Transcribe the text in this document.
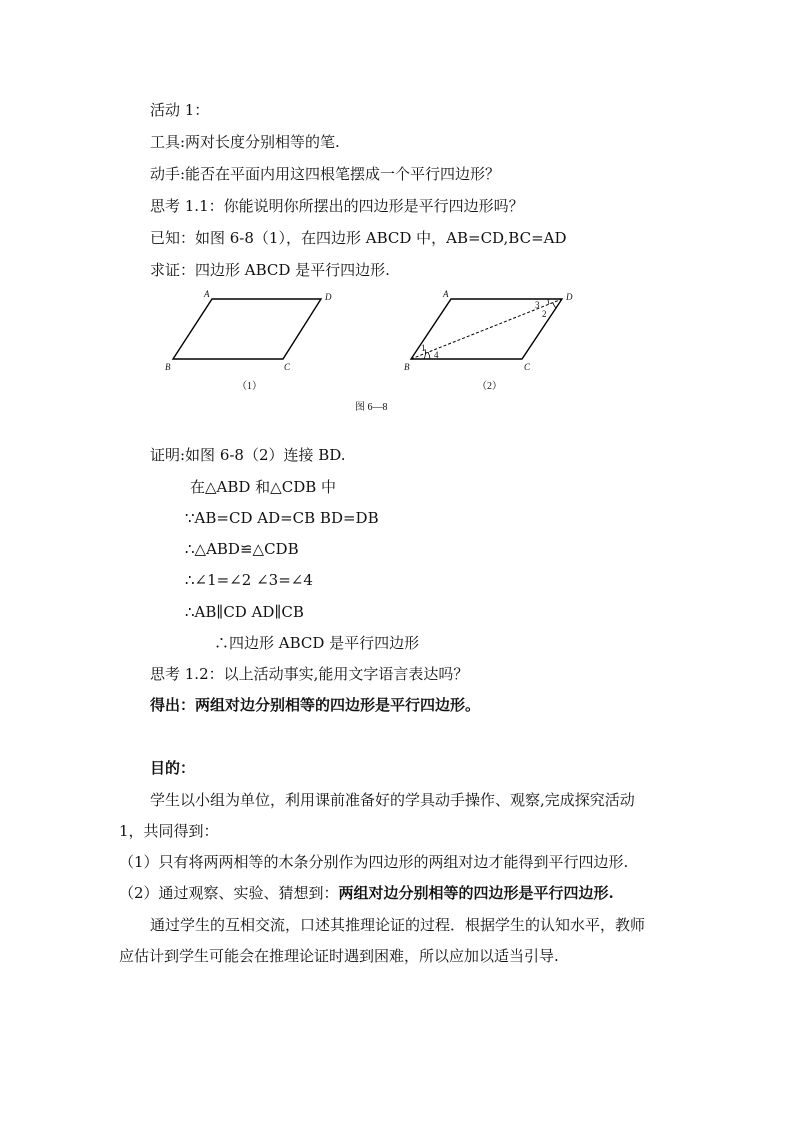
活动 1：
工具:两对长度分别相等的笔.
动手:能否在平面内用这四根笔摆成一个平行四边形？
思考 1.1：你能说明你所摆出的四边形是平行四边形吗？
已知：如图 6-8（1），在四边形 ABCD 中，AB=CD,BC=AD
求证：四边形 ABCD 是平行四边形.
A	D
B	C
（1）
A	D
B	C
1
4
3
2
（2）
图 6—8
证明:如图 6-8（2）连接 BD.
在△ABD 和△CDB 中
∵AB=CD AD=CB BD=DB
∴△ABD≌△CDB
∴∠1=∠2 ∠3=∠4
∴AB∥CD AD∥CB
∴四边形 ABCD 是平行四边形
思考 1.2：以上活动事实,能用文字语言表达吗？
得出：两组对边分别相等的四边形是平行四边形。
目的：
学生以小组为单位，利用课前准备好的学具动手操作、观察,完成探究活动
1，共同得到：
（1）只有将两两相等的木条分别作为四边形的两组对边才能得到平行四边形.
（2）通过观察、实验、猜想到：两组对边分别相等的四边形是平行四边形.
通过学生的互相交流，口述其推理论证的过程．根据学生的认知水平，教师
应估计到学生可能会在推理论证时遇到困难，所以应加以适当引导.
